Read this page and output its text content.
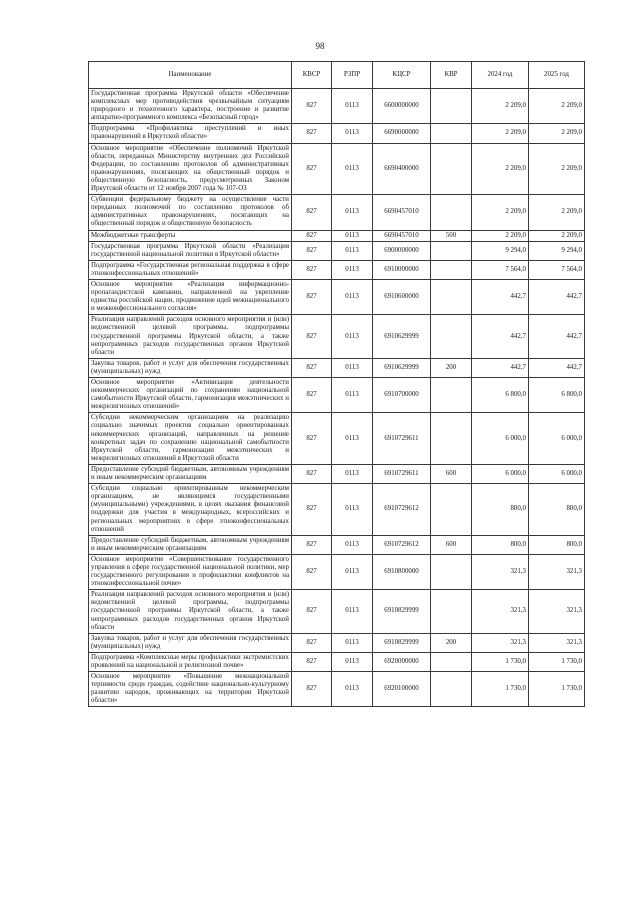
98
Наименование	КВСР	РЗПР	КЦСР	КВР	2024 год	2025 год
Государственная программа Иркутской области «Обеспечение комплексных мер противодействия чрезвычайным ситуациям природного и техногенного характера, построение и развитие аппаратно-программного комплекса «Безопасный город»	827	0113	6600000000		2 209,0	2 209,0
Подпрограмма «Профилактика преступлений и иных правонарушений в Иркутской области»	827	0113	6690000000		2 209,0	2 209,0
Основное мероприятие «Обеспечение полномочий Иркутской области, переданных Министерству внутренних дел Российской Федерации, по составлению протоколов об административных правонарушениях, посягающих на общественный порядок и общественную безопасность, предусмотренных Законом Иркутской области от 12 ноября 2007 года № 107-ОЗ	827	0113	6690400000		2 209,0	2 209,0
Субвенции федеральному бюджету на осуществление части переданных полномочий по составлению протоколов об административных правонарушениях, посягающих на общественный порядок и общественную безопасность	827	0113	6690457010		2 209,0	2 209,0
Межбюджетные трансферты	827	0113	6690457010	500	2 209,0	2 209,0
Государственная программа Иркутской области «Реализация государственной национальной политики в Иркутской области»	827	0113	6900000000		9 294,0	9 294,0
Подпрограмма «Государственная региональная поддержка в сфере этноконфессиональных отношений»	827	0113	6910000000		7 564,0	7 564,0
Основное мероприятие «Реализация информационно-пропагандистской кампании, направленной на укрепление единства российской нации, продвижение идей межнационального и межконфессионального согласия»	827	0113	6910600000		442,7	442,7
Реализация направлений расходов основного мероприятия и (или) ведомственной целевой программы, подпрограммы государственной программы Иркутской области, а также непрограммных расходов государственных органов Иркутской области	827	0113	6910629999		442,7	442,7
Закупка товаров, работ и услуг для обеспечения государственных (муниципальных) нужд	827	0113	6910629999	200	442,7	442,7
Основное мероприятие «Активизация деятельности некоммерческих организаций по сохранению национальной самобытности Иркутской области, гармонизация межэтнических и межрелигиозных отношений»	827	0113	6910700000		6 800,0	6 800,0
Субсидии некоммерческим организациям на реализацию социально значимых проектов социально ориентированных некоммерческих организаций, направленных на решение конкретных задач по сохранению национальной самобытности Иркутской области, гармонизации межэтнических и межрелигиозных отношений в Иркутской области	827	0113	6910729611		6 000,0	6 000,0
Предоставление субсидий бюджетным, автономным учреждениям и иным некоммерческим организациям	827	0113	6910729611	600	6 000,0	6 000,0
Субсидии социально ориентированным некоммерческим организациям, не являющимся государственными (муниципальными) учреждениями, в целях оказания финансовой поддержки для участия в международных, всероссийских и региональных мероприятиях в сфере этноконфессиональных отношений	827	0113	6910729612		800,0	800,0
Предоставление субсидий бюджетным, автономным учреждениям и иным некоммерческим организациям	827	0113	6910729612	600	800,0	800,0
Основное мероприятие «Совершенствование государственного управления в сфере государственной национальной политики, мер государственного регулирования и профилактики конфликтов на этноконфессиональной почве»	827	0113	6910800000		321,3	321,3
Реализация направлений расходов основного мероприятия и (или) ведомственной целевой программы, подпрограммы государственной программы Иркутской области, а также непрограммных расходов государственных органов Иркутской области	827	0113	6910829999		321,3	321,3
Закупка товаров, работ и услуг для обеспечения государственных (муниципальных) нужд	827	0113	6910829999	200	321,3	321,3
Подпрограмма «Комплексные меры профилактики экстремистских проявлений на национальной и религиозной почве»	827	0113	6920000000		1 730,0	1 730,0
Основное мероприятие «Повышение межнациональной терпимости среди граждан, содействие национально-культурному развитию народов, проживающих на территории Иркутской области»	827	0113	6920100000		1 730,0	1 730,0
